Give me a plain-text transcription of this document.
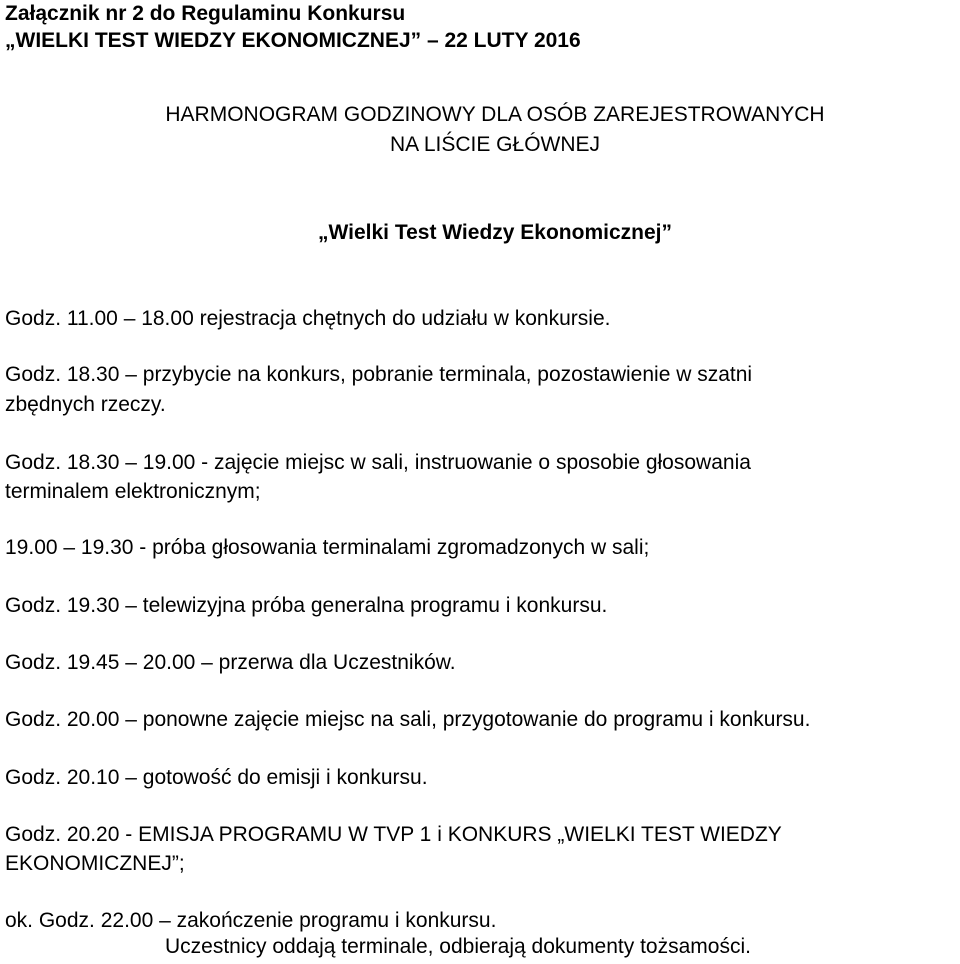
Załącznik nr 2 do Regulaminu Konkursu

„WIELKI TEST WIEDZY EKONOMICZNEJ” – 22 LUTY 2016

HARMONOGRAM GODZINOWY DLA OSÓB ZAREJESTROWANYCH

NA LIŚCIE GŁÓWNEJ

„Wielki Test Wiedzy Ekonomicznej”

Godz. 11.00 – 18.00 rejestracja chętnych do udziału w konkursie.

Godz. 18.30 – przybycie na konkurs, pobranie terminala, pozostawienie w szatni

zbędnych rzeczy.

Godz. 18.30 – 19.00 - zajęcie miejsc w sali, instruowanie o sposobie głosowania

terminalem elektronicznym;

19.00 – 19.30 - próba głosowania terminalami zgromadzonych w sali;

Godz. 19.30 – telewizyjna próba generalna programu i konkursu.

Godz. 19.45 – 20.00 – przerwa dla Uczestników.

Godz. 20.00 – ponowne zajęcie miejsc na sali, przygotowanie do programu i konkursu.

Godz. 20.10 – gotowość do emisji i konkursu.

Godz. 20.20 - EMISJA PROGRAMU W TVP 1 i KONKURS „WIELKI TEST WIEDZY

EKONOMICZNEJ”;

ok. Godz. 22.00 – zakończenie programu i konkursu.

Uczestnicy oddają terminale, odbierają dokumenty tożsamości.
